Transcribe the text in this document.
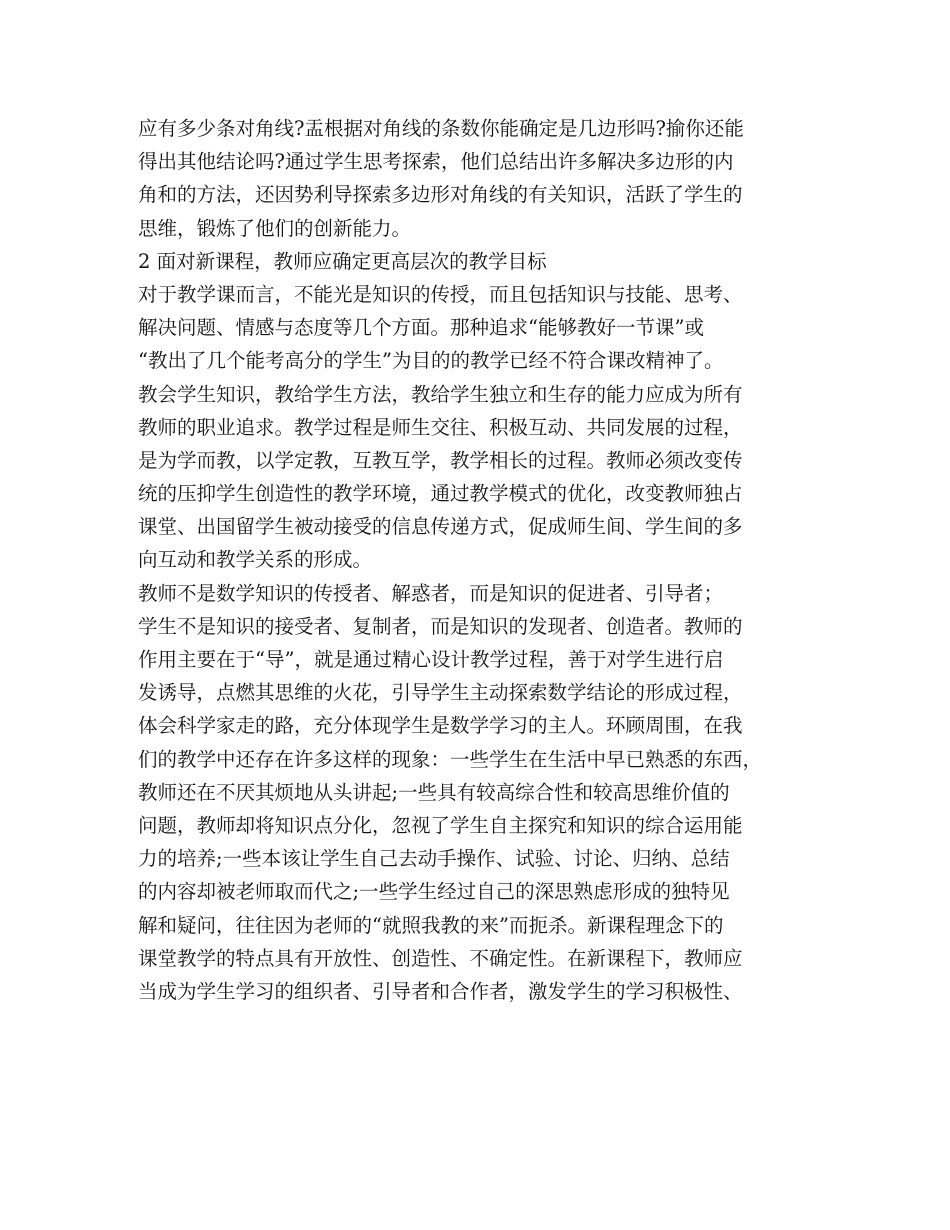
应有多少条对角线?盂根据对角线的条数你能确定是几边形吗?揄你还能
得出其他结论吗?通过学生思考探索，他们总结出许多解决多边形的内
角和的方法，还因势利导探索多边形对角线的有关知识，活跃了学生的
思维，锻炼了他们的创新能力。
2 面对新课程，教师应确定更高层次的教学目标
对于教学课而言，不能光是知识的传授，而且包括知识与技能、思考、
解决问题、情感与态度等几个方面。那种追求“能够教好一节课”或
“教出了几个能考高分的学生”为目的的教学已经不符合课改精神了。
教会学生知识，教给学生方法，教给学生独立和生存的能力应成为所有
教师的职业追求。教学过程是师生交往、积极互动、共同发展的过程，
是为学而教，以学定教，互教互学，教学相长的过程。教师必须改变传
统的压抑学生创造性的教学环境，通过教学模式的优化，改变教师独占
课堂、出国留学生被动接受的信息传递方式，促成师生间、学生间的多
向互动和教学关系的形成。
教师不是数学知识的传授者、解惑者，而是知识的促进者、引导者；
学生不是知识的接受者、复制者，而是知识的发现者、创造者。教师的
作用主要在于“导”，就是通过精心设计教学过程，善于对学生进行启
发诱导，点燃其思维的火花，引导学生主动探索数学结论的形成过程，
体会科学家走的路，充分体现学生是数学学习的主人。环顾周围，在我
们的教学中还存在许多这样的现象：一些学生在生活中早已熟悉的东西，
教师还在不厌其烦地从头讲起;一些具有较高综合性和较高思维价值的
问题，教师却将知识点分化，忽视了学生自主探究和知识的综合运用能
力的培养;一些本该让学生自己去动手操作、试验、讨论、归纳、总结
的内容却被老师取而代之;一些学生经过自己的深思熟虑形成的独特见
解和疑问，往往因为老师的“就照我教的来”而扼杀。新课程理念下的
课堂教学的特点具有开放性、创造性、不确定性。在新课程下，教师应
当成为学生学习的组织者、引导者和合作者，激发学生的学习积极性、
